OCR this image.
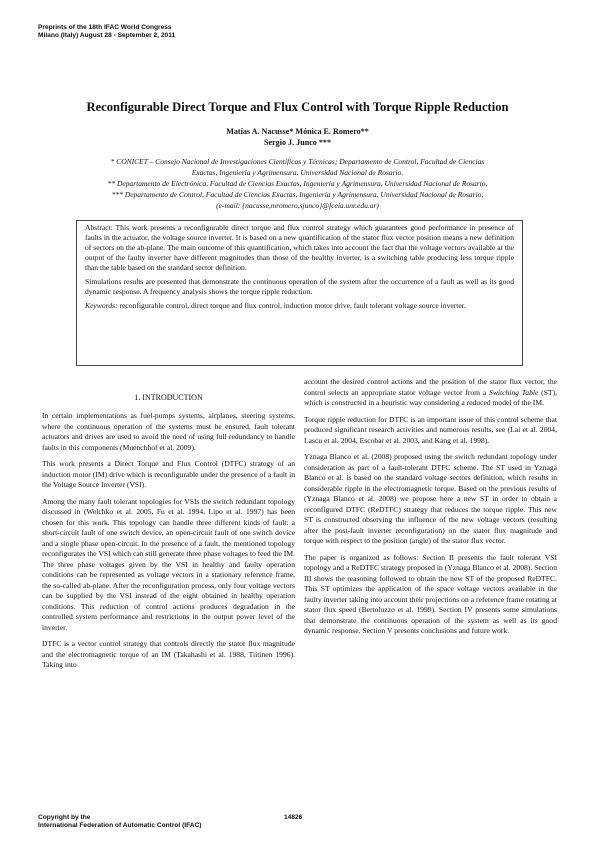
Preprints of the 18th IFAC World Congress
Milano (Italy) August 28 - September 2, 2011
Reconfigurable Direct Torque and Flux Control with Torque Ripple Reduction
Matías A. Nacusse* Mónica E. Romero**
Sergio J. Junco ***
* CONICET – Consejo Nacional de Investigaciones Científicas y Técnicas; Departamento de Control, Facultad de Ciencias
Exactas, Ingeniería y Agrimensura, Universidad Nacional de Rosario.
** Departamento de Electrónica, Facultad de Ciencias Exactas, Ingeniería y Agrimensura, Universidad Nacional de Rosario,
*** Departamento de Control, Facultad de Ciencias Exactas, Ingeniería y Agrimensura, Universidad Nacional de Rosario,
(e-mail: {nacusse,mromero,sjunco}@fceia.unr.edu.ar)

Abstract: This work presents a reconfigurable direct torque and flux control strategy which guarantees good performance in presence of faults in the actuator, the voltage source inverter. It is based on a new quantification of the stator flux vector position means a new definition of sectors on the ab-plane. The main outcome of this quantification, which takes into account the fact that the voltage vectors available at the output of the faulty inverter have different magnitudes than those of the healthy inverter, is a switching table producing less torque ripple than the table based on the standard sector definition.

Simulations results are presented that demonstrate the continuous operation of the system after the occurrence of a fault as well as its good dynamic response. A frequency analysis shows the torque ripple reduction.

Keywords: reconfigurable control, direct torque and flux control, induction motor drive, fault tolerant voltage source inverter.

1. INTRODUCTION

In certain implementations as fuel-pumps systems, airplanes, steering systems, where the continuous operation of the systems must be ensured, fault tolerant actuators and drives are used to avoid the need of using full redundancy to handle faults in this components (Muenchhof et al. 2009).

This work presents a Direct Torque and Flux Control (DTFC) strategy of an induction motor (IM) drive which is reconfigurable under the presence of a fault in the Voltage Source Inverter (VSI).

Among the many fault tolerant topologies for VSIs the switch redundant topology discussed in (Welchko et al. 2005, Fu et al. 1994, Lipo et al. 1997) has been chosen for this work. This topology can handle three different kinds of fault: a short-circuit fault of one switch device, an open-circuit fault of one switch device and a single phase open-circuit. In the presence of a fault, the mentioned topology reconfigurates the VSI which can still generate three phase voltages to feed the IM. The three phase voltages given by the VSI in healthy and faulty operation conditions can be represented as voltage vectors in a stationary reference frame, the so-called ab-plane. After the reconfiguration process, only four voltage vectors can be supplied by the VSI instead of the eight obtained in healthy operation conditions. This reduction of control actions produces degradation in the controlled system performance and restrictions in the output power level of the inverter.

DTFC is a vector control strategy that controls directly the stator flux magnitude and the electromagnetic torque of an IM (Takahashi et al. 1988, Tiitinen 1996). Taking into

account the desired control actions and the position of the stator flux vector, the control selects an appropriate stator voltage vector from a Switching Table (ST), which is constructed in a heuristic way considering a reduced model of the IM.

Torque ripple reduction for DTFC is an important issue of this control scheme that produced significant research activities and numerous results, see (Lai et al. 2004, Lascu et al. 2004, Escobar et al. 2003, and Kang et al. 1998).

Yznaga Blanco et al. (2008) proposed using the switch redundant topology under consideration as part of a fault-tolerant DTFC scheme. The ST used in Yznaga Blanco et al. is based on the standard voltage sectors definition, which results in considerable ripple in the electromagnetic torque. Based on the previous results of (Yznaga Blanco et al. 2008) we propose here a new ST in order to obtain a reconfigured DTFC (ReDTFC) strategy that reduces the torque ripple. This new ST is constructed observing the influence of the new voltage vectors (resulting after the post-fault inverter reconfiguration) on the stator flux magnitude and torque with respect to the position (angle) of the stator flux vector.

The paper is organized as follows: Section II presents the fault tolerant VSI topology and a ReDTFC strategy proposed in (Yznaga Blanco et al. 2008). Section III shows the reasoning followed to obtain the new ST of the proposed ReDTFC. This ST optimizes the application of the space voltage vectors available in the faulty inverter taking into account their projections on a reference frame rotating at stator flux speed (Bertoluzzo et al. 1999). Section IV presents some simulations that demonstrate the continuous operation of the system as well as its good dynamic response. Section V presents conclusions and future work.

Copyright by the
International Federation of Automatic Control (IFAC)
14826
